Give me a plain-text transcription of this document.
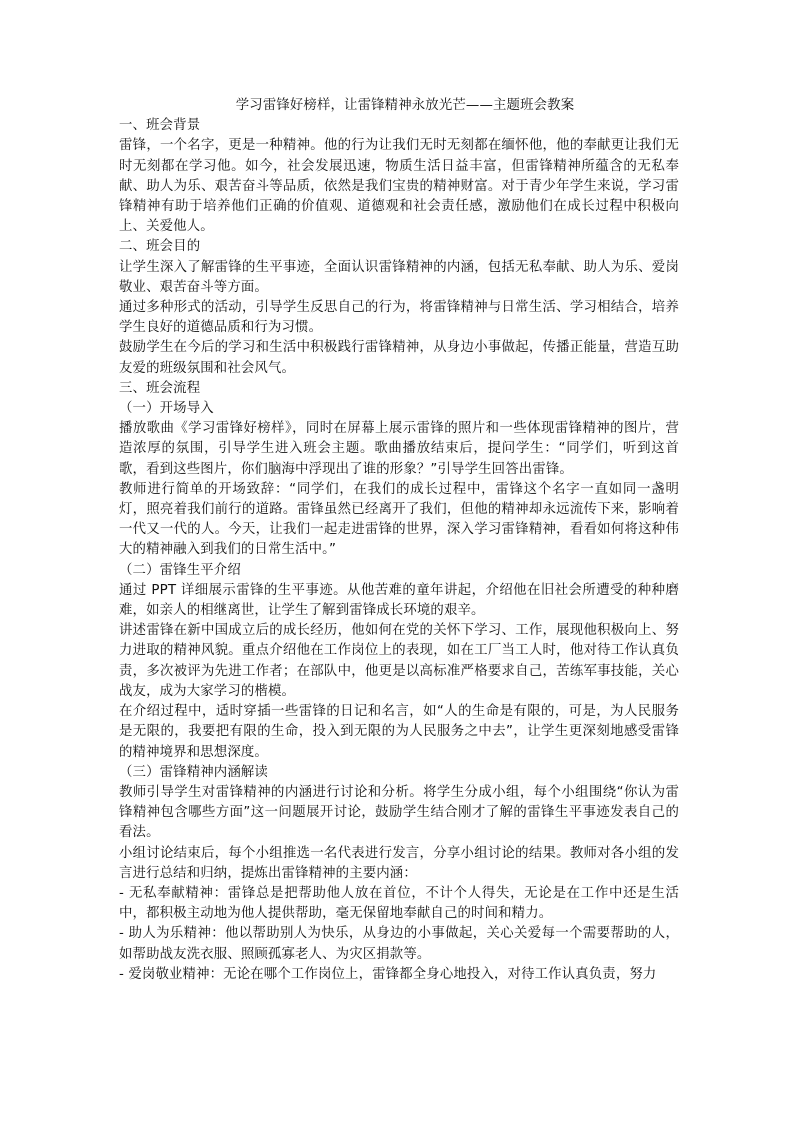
学习雷锋好榜样，让雷锋精神永放光芒——主题班会教案

一、班会背景

雷锋，一个名字，更是一种精神。他的行为让我们无时无刻都在缅怀他，他的奉献更让我们无时无刻都在学习他。如今，社会发展迅速，物质生活日益丰富，但雷锋精神所蕴含的无私奉献、助人为乐、艰苦奋斗等品质，依然是我们宝贵的精神财富。对于青少年学生来说，学习雷锋精神有助于培养他们正确的价值观、道德观和社会责任感，激励他们在成长过程中积极向上、关爱他人。

二、班会目的

让学生深入了解雷锋的生平事迹，全面认识雷锋精神的内涵，包括无私奉献、助人为乐、爱岗敬业、艰苦奋斗等方面。

通过多种形式的活动，引导学生反思自己的行为，将雷锋精神与日常生活、学习相结合，培养学生良好的道德品质和行为习惯。

鼓励学生在今后的学习和生活中积极践行雷锋精神，从身边小事做起，传播正能量，营造互助友爱的班级氛围和社会风气。

三、班会流程

（一）开场导入

播放歌曲《学习雷锋好榜样》，同时在屏幕上展示雷锋的照片和一些体现雷锋精神的图片，营造浓厚的氛围，引导学生进入班会主题。歌曲播放结束后，提问学生：“同学们，听到这首歌，看到这些图片，你们脑海中浮现出了谁的形象？”引导学生回答出雷锋。

教师进行简单的开场致辞：“同学们，在我们的成长过程中，雷锋这个名字一直如同一盏明灯，照亮着我们前行的道路。雷锋虽然已经离开了我们，但他的精神却永远流传下来，影响着一代又一代的人。今天，让我们一起走进雷锋的世界，深入学习雷锋精神，看看如何将这种伟大的精神融入到我们的日常生活中。”

（二）雷锋生平介绍

通过 PPT 详细展示雷锋的生平事迹。从他苦难的童年讲起，介绍他在旧社会所遭受的种种磨难，如亲人的相继离世，让学生了解到雷锋成长环境的艰辛。

讲述雷锋在新中国成立后的成长经历，他如何在党的关怀下学习、工作，展现他积极向上、努力进取的精神风貌。重点介绍他在工作岗位上的表现，如在工厂当工人时，他对待工作认真负责，多次被评为先进工作者；在部队中，他更是以高标准严格要求自己，苦练军事技能，关心战友，成为大家学习的楷模。

在介绍过程中，适时穿插一些雷锋的日记和名言，如“人的生命是有限的，可是，为人民服务是无限的，我要把有限的生命，投入到无限的为人民服务之中去”，让学生更深刻地感受雷锋的精神境界和思想深度。

（三）雷锋精神内涵解读

教师引导学生对雷锋精神的内涵进行讨论和分析。将学生分成小组，每个小组围绕“你认为雷锋精神包含哪些方面”这一问题展开讨论，鼓励学生结合刚才了解的雷锋生平事迹发表自己的看法。

小组讨论结束后，每个小组推选一名代表进行发言，分享小组讨论的结果。教师对各小组的发言进行总结和归纳，提炼出雷锋精神的主要内涵：

- 无私奉献精神：雷锋总是把帮助他人放在首位，不计个人得失，无论是在工作中还是生活中，都积极主动地为他人提供帮助，毫无保留地奉献自己的时间和精力。

- 助人为乐精神：他以帮助别人为快乐，从身边的小事做起，关心关爱每一个需要帮助的人，如帮助战友洗衣服、照顾孤寡老人、为灾区捐款等。

- 爱岗敬业精神：无论在哪个工作岗位上，雷锋都全身心地投入，对待工作认真负责，努力
